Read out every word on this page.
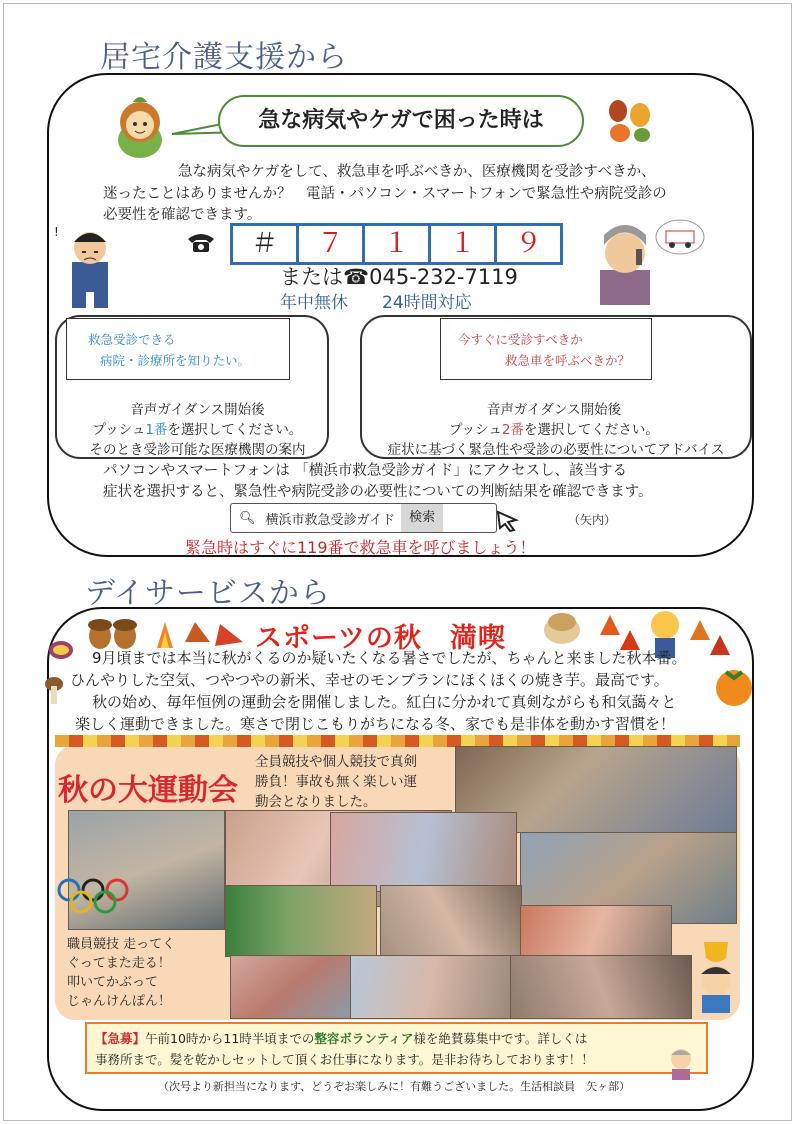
居宅介護支援から
急な病気やケガで困った時は
急な病気やケガをして、救急車を呼ぶべきか、医療機関を受診すべきか、
迷ったことはありませんか？　電話・パソコン・スマートフォンで緊急性や病院受診の
必要性を確認できます。
!	＃	７	１	１	９
または☎045-232-7119
年中無休　　24時間対応
救急受診できる
病院・診療所を知りたい。
音声ガイダンス開始後
プッシュ1番を選択してください。
そのとき受診可能な医療機関の案内
今すぐに受診すべきか
救急車を呼ぶべきか？
音声ガイダンス開始後
プッシュ2番を選択してください。
症状に基づく緊急性や受診の必要性についてアドバイス
パソコンやスマートフォンは 「横浜市救急受診ガイド」にアクセスし、該当する
症状を選択すると、緊急性や病院受診の必要性についての判断結果を確認できます。
🔍︎ 横浜市救急受診ガイド	検索	（矢内）
緊急時はすぐに119番で救急車を呼びましょう！
デイサービスから
スポーツの秋　満喫
9月頃までは本当に秋がくるのか疑いたくなる暑さでしたが、ちゃんと来ました秋本番。
ひんやりした空気、つやつやの新米、幸せのモンブランにほくほくの焼き芋。最高です。
秋の始め、毎年恒例の運動会を開催しました。紅白に分かれて真剣ながらも和気藹々と
楽しく運動できました。寒さで閉じこもりがちになる冬、家でも是非体を動かす習慣を！
秋の大運動会
全員競技や個人競技で真剣
勝負！事故も無く楽しい運
動会となりました。
職員競技 走ってく
ぐってまた走る！
叩いてかぶって
じゃんけんぽん！
【急募】午前10時から11時半頃までの整容ボランティア様を絶賛募集中です。詳しくは
事務所まで。髪を乾かしセットして頂くお仕事になります。是非お待ちしております！！
（次号より新担当になります、どうぞお楽しみに！有難うございました。生活相談員　矢ヶ部）
